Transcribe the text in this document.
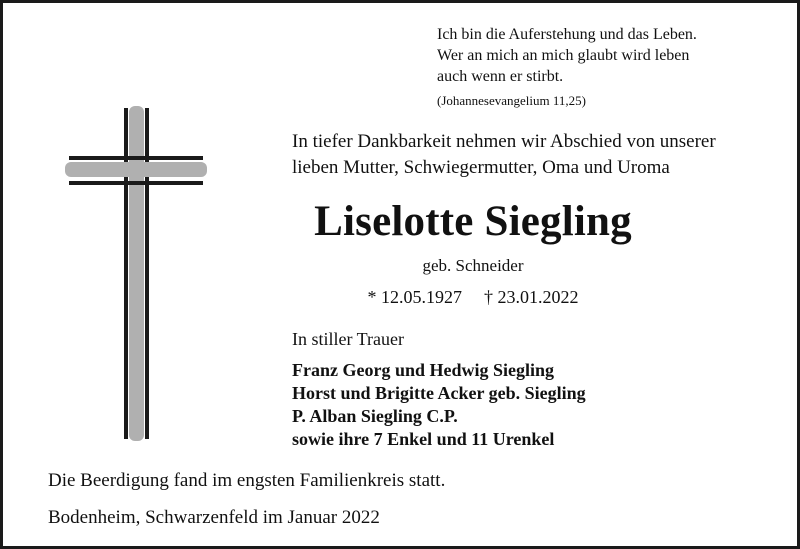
Ich bin die Auferstehung und das Leben.
Wer an mich an mich glaubt wird leben
auch wenn er stirbt.
(Johannesevangelium 11,25)
In tiefer Dankbarkeit nehmen wir Abschied von unserer
lieben Mutter, Schwiegermutter, Oma und Uroma
Liselotte Siegling
geb. Schneider
* 12.05.1927 † 23.01.2022
In stiller Trauer
Franz Georg und Hedwig Siegling
Horst und Brigitte Acker geb. Siegling
P. Alban Siegling C.P.
sowie ihre 7 Enkel und 11 Urenkel
Die Beerdigung fand im engsten Familienkreis statt.
Bodenheim, Schwarzenfeld im Januar 2022
